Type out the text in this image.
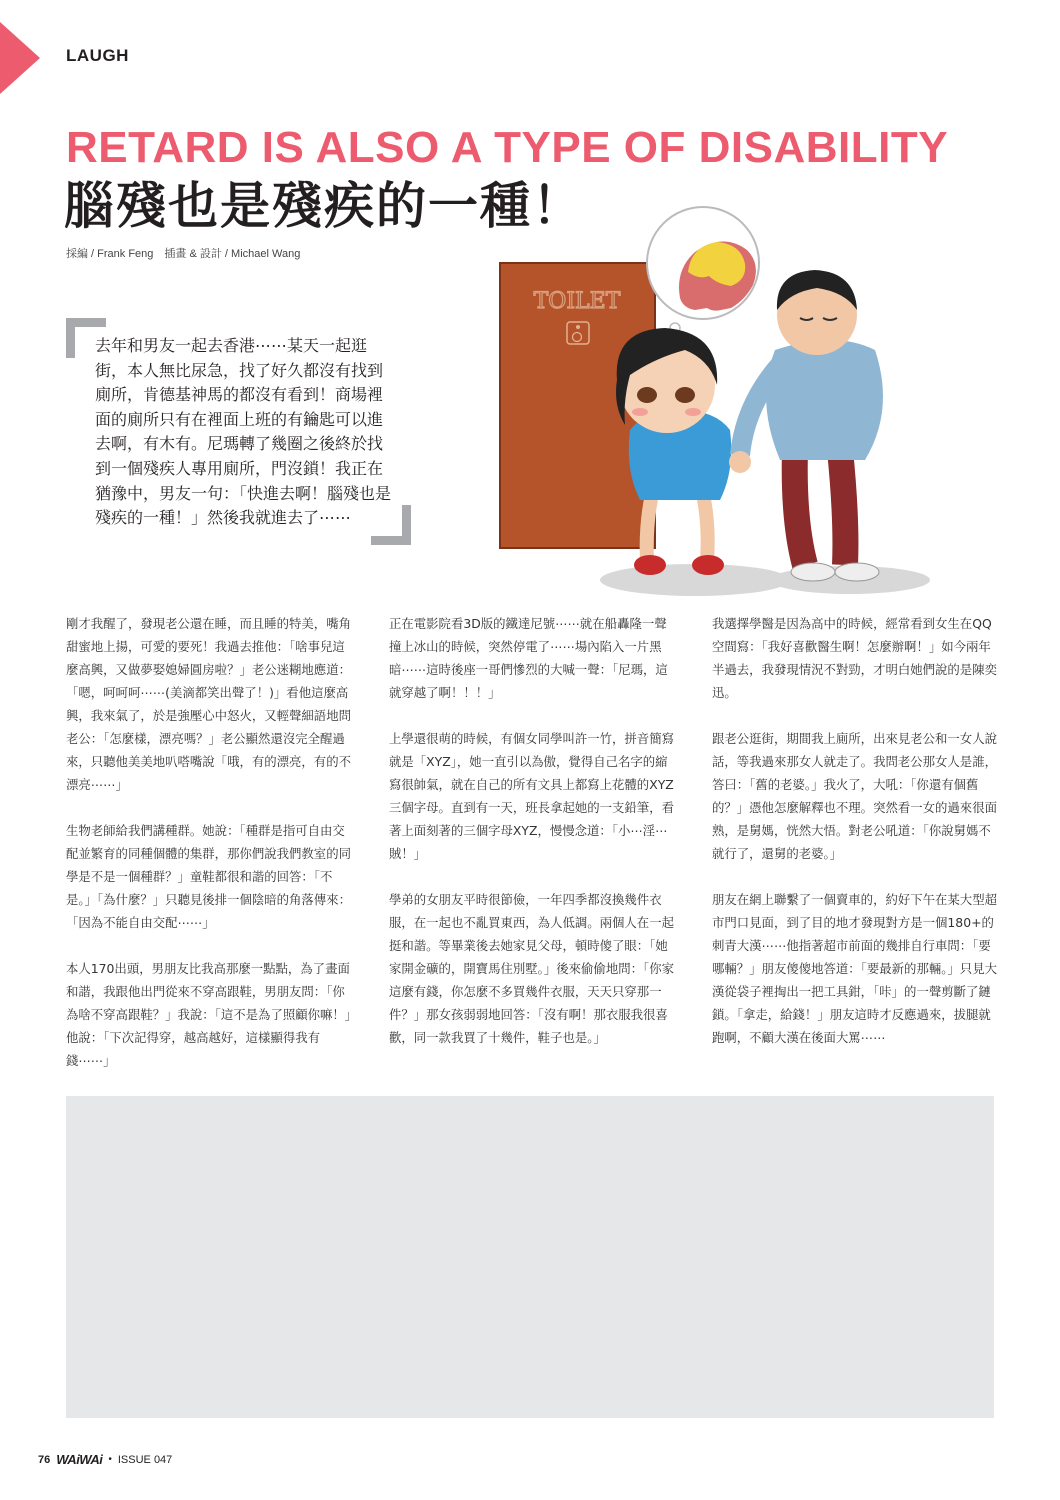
LAUGH
RETARD IS ALSO A TYPE OF DISABILITY
腦殘也是殘疾的一種！
採編 / Frank Feng　插畫 & 設計 / Michael Wang
去年和男友一起去香港⋯⋯某天一起逛街，本人無比尿急，找了好久都沒有找到廁所，肯德基神馬的都沒有看到！商場裡面的廁所只有在裡面上班的有鑰匙可以進去啊，有木有。尼瑪轉了幾圈之後終於找到一個殘疾人專用廁所，門沒鎖！我正在猶豫中，男友一句：「快進去啊！腦殘也是殘疾的一種！」然後我就進去了⋯⋯
TOILET

剛才我醒了，發現老公還在睡，而且睡的特美，嘴角甜蜜地上揚，可愛的要死！我過去推他：「啥事兒這麼高興，又做夢娶媳婦圓房啦？」老公迷糊地應道：「嗯，呵呵呵⋯⋯(美滴都笑出聲了！)」看他這麼高興，我來氣了，於是強壓心中怒火，又輕聲細語地問老公：「怎麼樣，漂亮嗎？」老公顯然還沒完全醒過來，只聽他美美地叭嗒嘴說「哦，有的漂亮，有的不漂亮⋯⋯」

生物老師給我們講種群。她說：「種群是指可自由交配並繁育的同種個體的集群，那你們說我們教室的同學是不是一個種群？」童鞋都很和諧的回答：「不是。」「為什麼？」只聽見後排一個陰暗的角落傳來：「因為不能自由交配⋯⋯」

本人170出頭，男朋友比我高那麼一點點，為了畫面和諧，我跟他出門從來不穿高跟鞋，男朋友問：「你為啥不穿高跟鞋？」我說：「這不是為了照顧你嘛！」他說：「下次記得穿，越高越好，這樣顯得我有錢⋯⋯」

正在電影院看3D版的鐵達尼號⋯⋯就在船轟隆一聲撞上冰山的時候，突然停電了⋯⋯場內陷入一片黑暗⋯⋯這時後座一哥們慘烈的大喊一聲：「尼瑪，這就穿越了啊！！！」

上學還很萌的時候，有個女同學叫許一竹，拼音簡寫就是「XYZ」，她一直引以為傲，覺得自己名字的縮寫很帥氣，就在自己的所有文具上都寫上花體的XYZ三個字母。直到有一天，班長拿起她的一支鉛筆，看著上面刻著的三個字母XYZ，慢慢念道：「小⋯淫⋯賊！」

學弟的女朋友平時很節儉，一年四季都沒換幾件衣服，在一起也不亂買東西，為人低調。兩個人在一起挺和諧。等畢業後去她家見父母，頓時傻了眼：「她家開金礦的，開寶馬住別墅。」後來偷偷地問：「你家這麼有錢，你怎麼不多買幾件衣服，天天只穿那一件？」那女孩弱弱地回答：「沒有啊！那衣服我很喜歡，同一款我買了十幾件，鞋子也是。」

我選擇學醫是因為高中的時候，經常看到女生在QQ空間寫：「我好喜歡醫生啊！怎麼辦啊！」如今兩年半過去，我發現情況不對勁，才明白她們說的是陳奕迅。

跟老公逛街，期間我上廁所，出來見老公和一女人說話，等我過來那女人就走了。我問老公那女人是誰，答曰：「舊的老婆。」我火了，大吼：「你還有個舊的？」憑他怎麼解釋也不理。突然看一女的過來很面熟，是舅媽，恍然大悟。對老公吼道：「你說舅媽不就行了，還舅的老婆。」

朋友在網上聯繫了一個賣車的，約好下午在某大型超市門口見面，到了目的地才發現對方是一個180+的刺青大漢⋯⋯他指著超市前面的幾排自行車問：「要哪輛？」朋友傻傻地答道：「要最新的那輛。」只見大漢從袋子裡掏出一把工具鉗，「咔」的一聲剪斷了鏈鎖。「拿走，給錢！」朋友這時才反應過來，拔腿就跑啊，不顧大漢在後面大罵⋯⋯

76 WAiWAi • ISSUE 047
